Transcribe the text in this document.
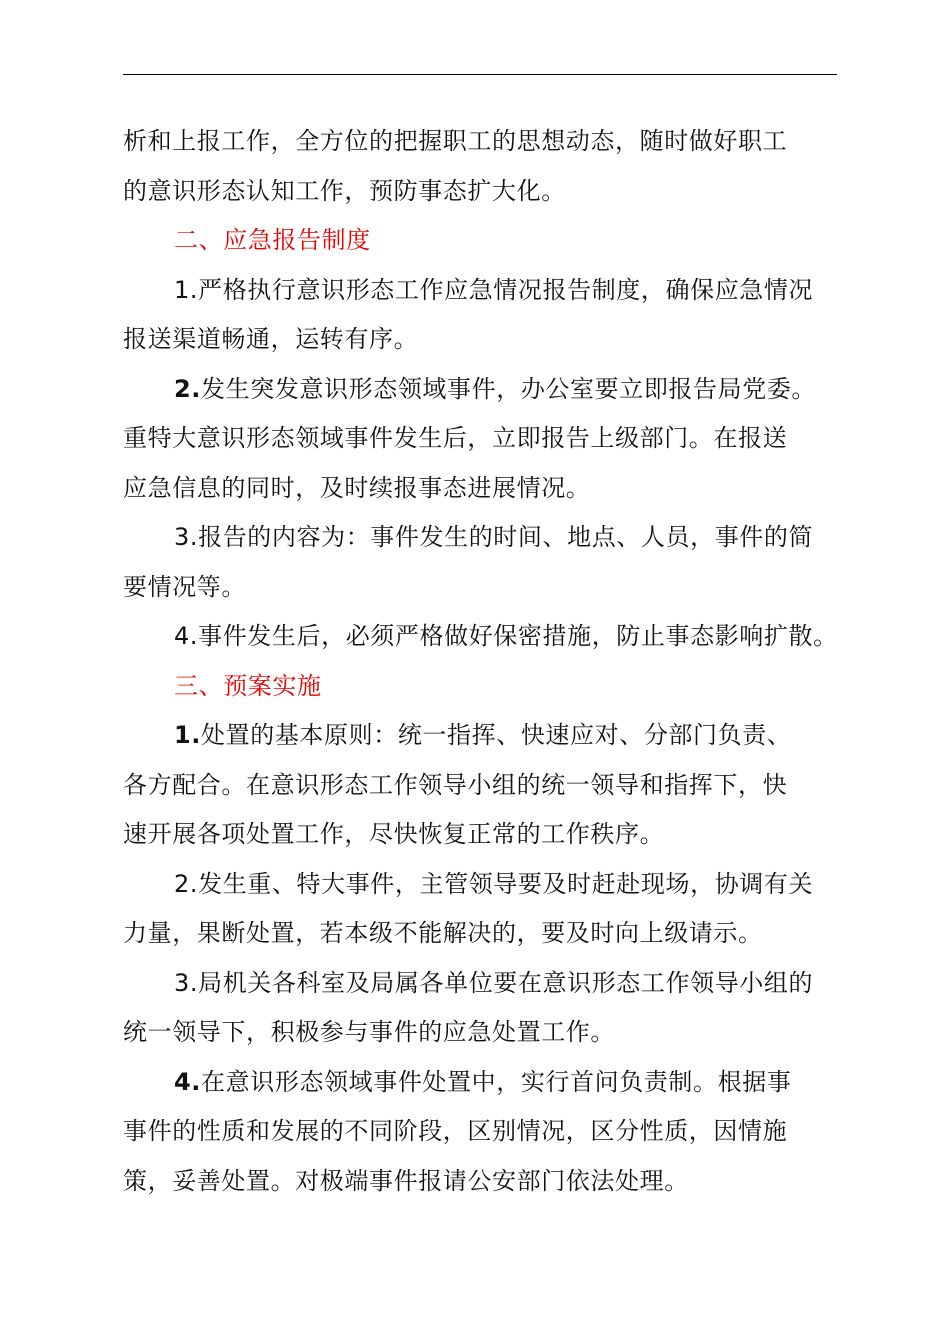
析和上报工作，全方位的把握职工的思想动态，随时做好职工
的意识形态认知工作，预防事态扩大化。

二、应急报告制度

1.严格执行意识形态工作应急情况报告制度，确保应急情况
报送渠道畅通，运转有序。

2.发生突发意识形态领域事件，办公室要立即报告局党委。
重特大意识形态领域事件发生后，立即报告上级部门。在报送
应急信息的同时，及时续报事态进展情况。

3.报告的内容为：事件发生的时间、地点、人员，事件的简
要情况等。

4.事件发生后，必须严格做好保密措施，防止事态影响扩散。

三、预案实施

1.处置的基本原则：统一指挥、快速应对、分部门负责、
各方配合。在意识形态工作领导小组的统一领导和指挥下，快
速开展各项处置工作，尽快恢复正常的工作秩序。

2.发生重、特大事件，主管领导要及时赶赴现场，协调有关
力量，果断处置，若本级不能解决的，要及时向上级请示。

3.局机关各科室及局属各单位要在意识形态工作领导小组的
统一领导下，积极参与事件的应急处置工作。

4.在意识形态领域事件处置中，实行首问负责制。根据事
事件的性质和发展的不同阶段，区别情况，区分性质，因情施
策，妥善处置。对极端事件报请公安部门依法处理。
